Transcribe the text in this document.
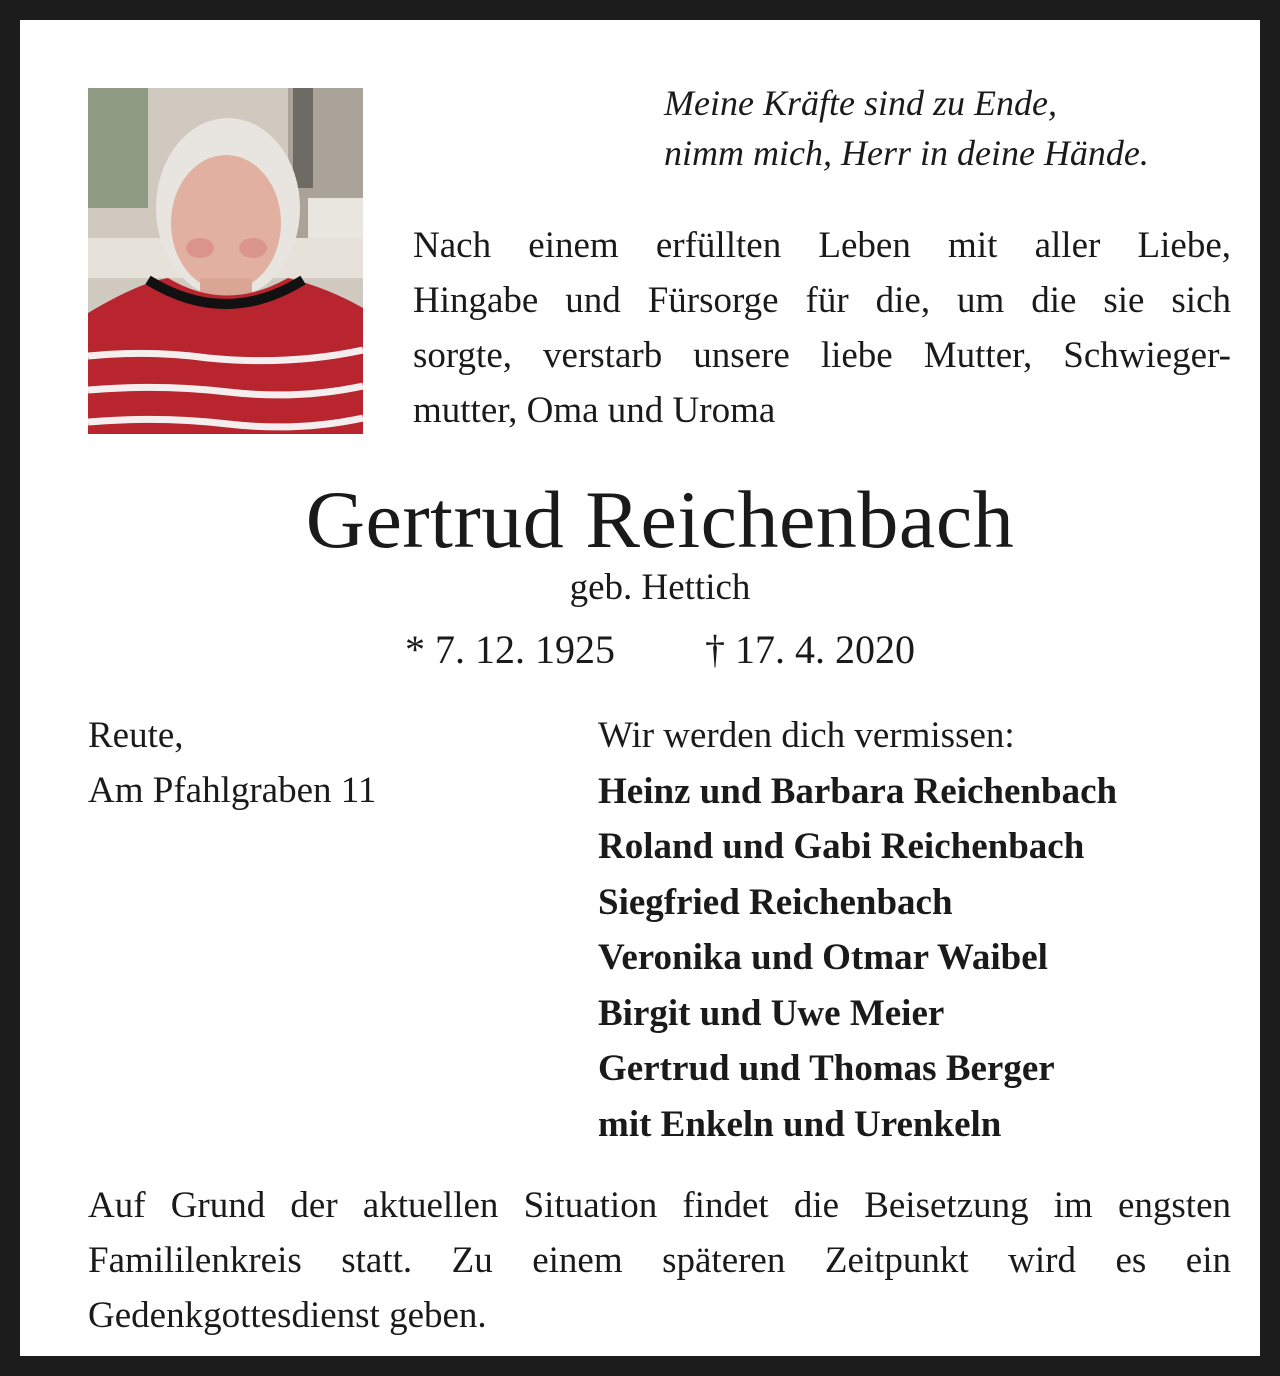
Meine Kräfte sind zu Ende,
nimm mich, Herr in deine Hände.
Nach einem erfüllten Leben mit aller Liebe,
Hingabe und Fürsorge für die, um die sie sich
sorgte, verstarb unsere liebe Mutter, Schwieger-
mutter, Oma und Uroma
Gertrud Reichenbach
geb. Hettich
* 7. 12. 1925 † 17. 4. 2020
Reute,
Am Pfahlgraben 11
Wir werden dich vermissen:
Heinz und Barbara Reichenbach
Roland und Gabi Reichenbach
Siegfried Reichenbach
Veronika und Otmar Waibel
Birgit und Uwe Meier
Gertrud und Thomas Berger
mit Enkeln und Urenkeln
Auf Grund der aktuellen Situation findet die Beisetzung im engsten
Famililenkreis statt. Zu einem späteren Zeitpunkt wird es ein
Gedenkgottesdienst geben.
